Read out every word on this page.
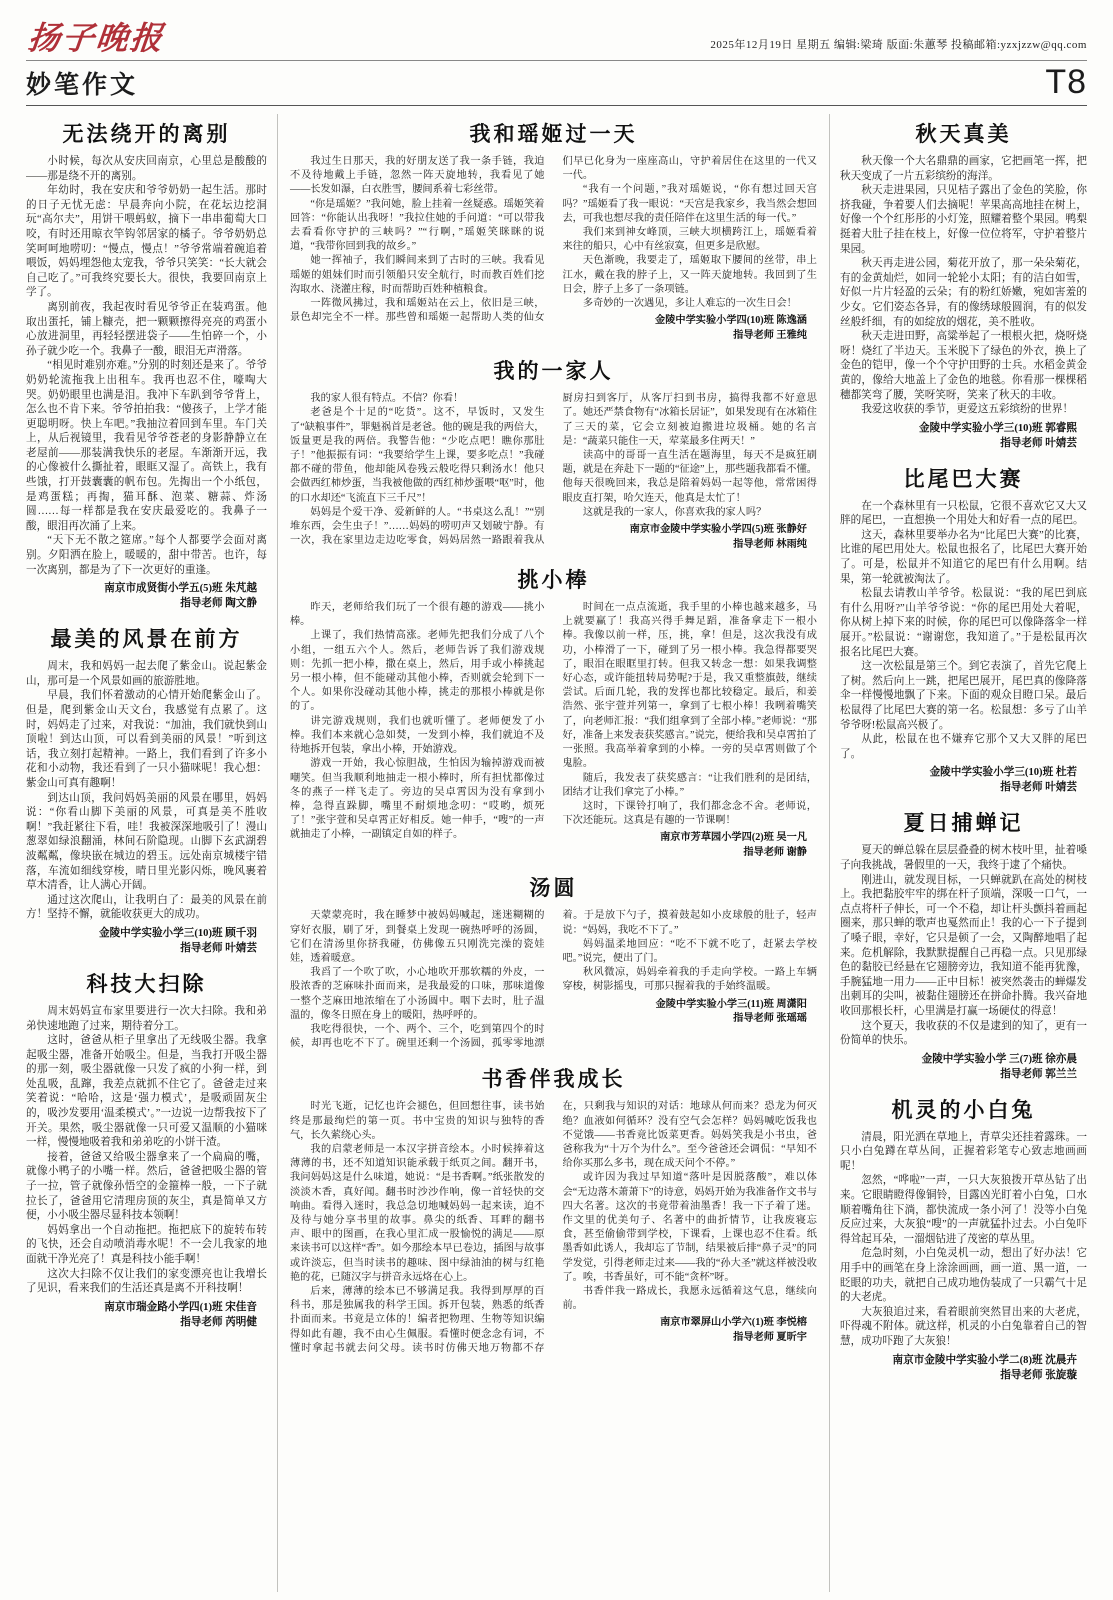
扬子晚报	2025年12月19日 星期五 编辑:梁琦 版面:朱蕙琴 投稿邮箱:yzxjzzw@qq.com
妙笔作文	T8
无法绕开的离别

小时候，每次从安庆回南京，心里总是酸酸的——那是绕不开的离别。

年幼时，我在安庆和爷爷奶奶一起生活。那时的日子无忧无虑：早晨奔向小院，在花坛边挖洞玩“高尔夫”，用饼干喂蚂蚁，摘下一串串葡萄大口咬，有时还用晾衣竿钩邻居家的橘子。爷爷奶奶总笑呵呵地唠叨：“慢点，慢点！”爷爷常端着碗追着喂饭，妈妈埋怨他太宠我，爷爷只笑笑：“长大就会自己吃了。”可我终究要长大。很快，我要回南京上学了。

离别前夜，我起夜时看见爷爷正在装鸡蛋。他取出蛋托，铺上糠壳，把一颗颗擦得亮亮的鸡蛋小心放进洞里，再轻轻摆进袋子——生怕碎一个，小孙子就少吃一个。我鼻子一酸，眼泪无声滑落。

“相见时难别亦难。”分别的时刻还是来了。爷爷奶奶轮流拖我上出租车。我再也忍不住，嚎啕大哭。奶奶眼里也满是泪。我冲下车趴到爷爷背上，怎么也不肯下来。爷爷拍拍我：“傻孩子，上学才能更聪明呀。快上车吧。”我抽泣着回到车里。车门关上，从后视镜里，我看见爷爷苍老的身影静静立在老屋前——那装满我快乐的老屋。车渐渐开远，我的心像被什么撕扯着，眼眶又湿了。高铁上，我有些饿，打开鼓囊囊的帆布包。先掏出一个小纸包，是鸡蛋糕；再掏，猫耳酥、泡菜、糖蒜、炸汤圆……每一样都是我在安庆最爱吃的。我鼻子一酸，眼泪再次涌了上来。

“天下无不散之筵席。”每个人都要学会面对离别。夕阳洒在脸上，暖暖的，甜中带苦。也许，每一次离别，都是为了下一次更好的重逢。

南京市成贤街小学五(5)班 朱芃越
指导老师 陶文静
最美的风景在前方

周末，我和妈妈一起去爬了紫金山。说起紫金山，那可是一个风景如画的旅游胜地。

早晨，我们怀着激动的心情开始爬紫金山了。但是，爬到紫金山天文台，我感觉有点累了。这时，妈妈走了过来，对我说：“加油，我们就快到山顶啦！到达山顶，可以看到美丽的风景！”听到这话，我立刻打起精神。一路上，我们看到了许多小花和小动物，我还看到了一只小猫咪呢！我心想：紫金山可真有趣啊！

到达山顶，我问妈妈美丽的风景在哪里，妈妈说：“你看山脚下美丽的风景，可真是美不胜收啊！”我赶紧往下看，哇！我被深深地吸引了！漫山葱翠如绿浪翻涌，林间石阶隐现。山脚下玄武湖碧波粼粼，像块嵌在城边的碧玉。远处南京城楼宇错落，车流如细线穿梭，晴日里光影闪烁，晚风裹着草木清香，让人满心开阔。

通过这次爬山，让我明白了：最美的风景在前方！坚持不懈，就能收获更大的成功。

金陵中学实验小学三(10)班 顾千羽
指导老师 叶婧芸
科技大扫除

周末妈妈宣布家里要进行一次大扫除。我和弟弟快速地跑了过来，期待着分工。

这时，爸爸从柜子里拿出了无线吸尘器。我拿起吸尘器，准备开始吸尘。但是，当我打开吸尘器的那一刻，吸尘器就像一只发了疯的小狗一样，到处乱吸，乱蹿，我差点就抓不住它了。爸爸走过来笑着说：“哈哈，这是‘强力模式’，是吸顽固灰尘的，吸沙发要用‘温柔模式’。”一边说一边帮我按下了开关。果然，吸尘器就像一只可爱又温顺的小猫咪一样，慢慢地吸着我和弟弟吃的小饼干渣。

接着，爸爸又给吸尘器拿来了一个扁扁的嘴，就像小鸭子的小嘴一样。然后，爸爸把吸尘器的管子一拉，管子就像孙悟空的金箍棒一般，一下子就拉长了，爸爸用它清理房顶的灰尘，真是简单又方便，小小吸尘器尽显科技本领啊！

妈妈拿出一个自动拖把。拖把底下的旋转布转的飞快，还会自动喷消毒水呢！不一会儿我家的地面就干净光亮了！真是科技小能手啊！

这次大扫除不仅让我们的家变漂亮也让我增长了见识，看来我们的生活还真是离不开科技啊！

南京市瑞金路小学四(1)班 宋佳音
指导老师 芮明健
我和瑶姬过一天

我过生日那天，我的好朋友送了我一条手链，我迫不及待地戴上手链，忽然一阵天旋地转，我看见了她——长发如瀑，白衣胜雪，腰间系着七彩丝带。

“你是瑶姬？”我问她，脸上挂着一丝疑惑。瑶姬笑着回答：“你能认出我呀！”我拉住她的手问道：“可以带我去看看你守护的三峡吗？”“行啊，”瑶姬笑眯眯的说道，“我带你回到我的故乡。”

她一挥袖子，我们瞬间来到了古时的三峡。我看见瑶姬的姐妹们时而引领船只安全航行，时而教百姓们挖沟取水、浇灌庄稼，时而帮助百姓种植粮食。

一阵微风拂过，我和瑶姬站在云上，依旧是三峡，景色却完全不一样。那些曾和瑶姬一起帮助人类的仙女们早已化身为一座座高山，守护着居住在这里的一代又一代。

“我有一个问题，”我对瑶姬说，“你有想过回天宫吗？”瑶姬看了我一眼说：“天宫是我家乡，我当然会想回去，可我也想尽我的责任陪伴在这里生活的每一代。”

我们来到神女峰顶，三峡大坝横跨江上，瑶姬看着来往的船只，心中有丝寂寞，但更多是欣慰。

天色渐晚，我要走了，瑶姬取下腰间的丝带，串上江水，戴在我的脖子上，又一阵天旋地转。我回到了生日会，脖子上多了一条项链。

多奇妙的一次遇见，多让人难忘的一次生日会！

金陵中学实验小学四(10)班 陈逸涵
指导老师 王雅纯
我的一家人

我的家人很有特点。不信？你看！

老爸是个十足的“吃货”。这不，早饭时，又发生了“缺粮事件”，罪魁祸首是老爸。他的碗是我的两倍大，饭量更是我的两倍。我警告他：“少吃点吧！瞧你那肚子！”他振振有词：“我要给学生上课，要多吃点！”我碰都不碰的带鱼，他却能风卷残云般吃得只剩汤水！他只会做西红柿炒蛋，当我被他做的西红柿炒蛋喂“呕”时，他的口水却还“飞流直下三千尺”！

妈妈是个爱干净、爱新鲜的人。“书桌这么乱！”“别堆东西，会生虫子！”……妈妈的唠叨声又划破宁静。有一次，我在家里边走边吃零食，妈妈居然一路跟着我从厨房扫到客厅，从客厅扫到书房，搞得我都不好意思了。她还严禁食物有“冰箱长居证”，如果发现有在冰箱住了三天的菜，它会立刻被迫搬进垃圾桶。她的名言是：“蔬菜只能住一天，荤菜最多住两天！”

读高中的哥哥一直生活在题海里，每天不是疯狂刷题，就是在奔赴下一题的“征途”上，那些题我都看不懂。他每天很晚回来，我总是陪着妈妈一起等他，常常困得眼皮直打架，哈欠连天，他真是太忙了！

这就是我的一家人，你喜欢我的家人吗？

南京市金陵中学实验小学四(5)班 张静好
指导老师 林雨纯
挑小棒

昨天，老师给我们玩了一个很有趣的游戏——挑小棒。

上课了，我们热情高涨。老师先把我们分成了八个小组，一组五六个人。然后，老师告诉了我们游戏规则：先抓一把小棒，撒在桌上，然后，用手或小棒挑起另一根小棒，但不能碰动其他小棒，否则就会轮到下一个人。如果你没碰动其他小棒，挑走的那根小棒就是你的了。

讲完游戏规则，我们也就听懂了。老师便发了小棒。我们本来就心急如焚，一发到小棒，我们就迫不及待地拆开包装，拿出小棒，开始游戏。

游戏一开始，我心惊胆战，生怕因为输掉游戏而被嘲笑。但当我顺利地抽走一根小棒时，所有担忧都像过冬的燕子一样飞走了。旁边的吴卓霄因为没有拿到小棒，急得直跺脚，嘴里不耐烦地念叨：“哎哟，烦死了！”张宇萱和吴卓霄正好相反。她一伸手，“嗖”的一声就抽走了小棒，一副镇定自如的样子。

时间在一点点流逝，我手里的小棒也越来越多，马上就要赢了！我高兴得手舞足蹈，准备拿走下一根小棒。我像以前一样，压，挑，拿！但是，这次我没有成功，小棒滑了一下，碰到了另一根小棒。我急得都要哭了，眼泪在眼眶里打转。但我又转念一想：如果我调整好心态，或许能扭转局势呢?于是，我又重整旗鼓，继续尝试。后面几轮，我的发挥也都比较稳定。最后，和姜浩然、张宇萱并列第一，拿到了七根小棒！我咧着嘴笑了，向老师汇报：“我们组拿到了全部小棒。”老师说：“那好，准备上来发表获奖感言。”说完，便给我和吴卓霄拍了一张照。我高举着拿到的小棒。一旁的吴卓霄则做了个鬼脸。

随后，我发表了获奖感言：“让我们胜利的是团结，团结才让我们拿完了小棒。”

这时，下课铃打响了，我们都念念不舍。老师说，下次还能玩。这真是有趣的一节课啊！

南京市芳草园小学四(2)班 吴一凡
指导老师 谢静
汤圆

天蒙蒙亮时，我在睡梦中被妈妈喊起，迷迷糊糊的穿好衣服，刷了牙，到餐桌上发现一碗热呼呼的汤圆，它们在清汤里你挤我碰，仿佛像五只刚洗完澡的瓷娃娃，透着暖意。

我舀了一个吹了吹，小心地吹开那软糯的外皮，一股浓香的芝麻味扑面而来，是我最爱的口味，那味道像一整个芝麻田地浓缩在了小汤圆中。咽下去时，肚子温温的，像冬日照在身上的暖阳，热呼呼的。

我吃得很快，一个、两个、三个，吃到第四个的时候，却再也吃不下了。碗里还剩一个汤圆，孤零零地漂着。于是放下勺子，摸着鼓起如小皮球般的肚子，轻声说：“妈妈，我吃不下了。”

妈妈温柔地回应：“吃不下就不吃了，赶紧去学校吧。”说完，便出了门。

秋风微凉，妈妈牵着我的手走向学校。一路上车辆穿梭，树影摇曳，可那只握着我的手始终温暖。

金陵中学实验小学三(11)班 周潇阳
指导老师 张瑶瑶
书香伴我成长

时光飞逝，记忆也许会褪色，但回想往事，读书始终是那最绚烂的第一页。书中宝贵的知识与独特的香气，长久萦绕心头。

我的启蒙老师是一本汉字拼音绘本。小时候捧着这薄薄的书，还不知道知识能承载于纸页之间。翻开书，我问妈妈这是什么味道，她说：“是书香啊。”纸张散发的淡淡木香，真好闻。翻书时沙沙作响，像一首轻快的交响曲。看得入迷时，我总急切地喊妈妈一起来读，迫不及待与她分享书里的故事。鼻尖的纸香、耳畔的翻书声、眼中的图画，在我心里汇成一股愉悦的满足——原来读书可以这样“香”。如今那绘本早已卷边，插图与故事或许淡忘，但当时读书的趣味、图中绿油油的树与红艳艳的花，已随汉字与拼音永远烙在心上。

后来，薄薄的绘本已不够满足我。我得到厚厚的百科书，那是独属我的科学王国。拆开包装，熟悉的纸香扑面而来。书竟是立体的！编者把物理、生物等知识编得如此有趣，我不由心生佩服。看懂时便念念有词，不懂时拿起书就去问父母。读书时仿佛天地万物都不存在，只剩我与知识的对话：地球从何而来？恐龙为何灭绝？血液如何循环？没有空气会怎样？妈妈喊吃饭我也不觉饿——书香竟比饭菜更香。妈妈笑我是小书虫，爸爸称我为“十万个为什么”。至今爸爸还会调侃：“早知不给你买那么多书，现在成天问个不停。”

或许因为我过早知道“落叶是因脱落酸”，难以体会“无边落木萧萧下”的诗意，妈妈开始为我准备作文书与四大名著。这次的书竟带着油墨香！我一下子着了迷。作文里的优美句子、名著中的曲折情节，让我废寝忘食，甚至偷偷带到学校，下课看，上课也忍不住看。纸墨香如此诱人，我却忘了节制，结果被后排“鼻子灵”的同学发觉，引得老师走过来——我的“孙大圣”就这样被没收了。唉，书香虽好，可不能“贪杯”呀。

书香伴我一路成长，我愿永远循着这气息，继续向前。

南京市翠屏山小学六(1)班 李悦榕
指导老师 夏昕宇
秋天真美

秋天像一个大名鼎鼎的画家，它把画笔一挥，把秋天变成了一片五彩缤纷的海洋。

秋天走进果园，只见桔子露出了金色的笑脸，你挤我碰，争着要人们去摘呢！苹果高高地挂在树上，好像一个个红彤彤的小灯笼，照耀着整个果园。鸭梨挺着大肚子挂在枝上，好像一位位将军，守护着整片果园。

秋天再走进公园，菊花开放了，那一朵朵菊花，有的金黄灿烂，如同一轮轮小太阳；有的洁白如雪，好似一片片轻盈的云朵；有的粉红娇嫩，宛如害羞的少女。它们姿态各异，有的像绣球般圆润，有的似发丝般纤细，有的如绽放的烟花，美不胜收。

秋天走进田野，高粱举起了一根根火把，烧呀烧呀！烧红了半边天。玉米脱下了绿色的外衣，换上了金色的铠甲，像一个个守护田野的士兵。水稻金黄金黄的，像给大地盖上了金色的地毯。你看那一棵棵稻穗都笑弯了腰，笑呀笑呀，笑来了秋天的丰收。

我爱这收获的季节，更爱这五彩缤纷的世界！

金陵中学实验小学三(10)班 郭睿熙
指导老师 叶婧芸
比尾巴大赛

在一个森林里有一只松鼠，它很不喜欢它又大又胖的尾巴，一直想换一个用处大和好看一点的尾巴。

这天，森林里要举办名为“比尾巴大赛”的比赛，比谁的尾巴用处大。松鼠也报名了，比尾巴大赛开始了。可是，松鼠并不知道它的尾巴有什么用啊。结果，第一轮就被淘汰了。

松鼠去请教山羊爷爷。松鼠说：“我的尾巴到底有什么用呀?”山羊爷爷说：“你的尾巴用处大着呢，你从树上掉下来的时候，你的尾巴可以像降落伞一样展开。”松鼠说：“谢谢您，我知道了。”于是松鼠再次报名比尾巴大赛。

这一次松鼠是第三个。到它表演了，首先它爬上了树。然后向上一跳，把尾巴展开，尾巴真的像降落伞一样慢慢地飘了下来。下面的观众目瞪口呆。最后松鼠得了比尾巴大赛的第一名。松鼠想：多亏了山羊爷爷呀!松鼠高兴极了。

从此，松鼠在也不嫌弃它那个又大又胖的尾巴了。

金陵中学实验小学三(10)班 杜若
指导老师 叶婧芸
夏日捕蝉记

夏天的蝉总躲在层层叠叠的树木枝叶里，扯着嗓子向我挑战，暑假里的一天，我终于逮了个痛快。

刚进山，就发现目标，一只蝉就趴在高处的树枝上。我把黏胶牢牢的绑在杆子顶端，深吸一口气，一点点将杆子伸长，可一个不稳，却让杆头颤抖着画起圈来，那只蝉的歌声也戛然而止！我的心一下子提到了嗓子眼，幸好，它只是顿了一会，又陶醉地唱了起来。危机解除，我默默提醒自己再稳一点。只见那绿色的黏胶已经悬在它翅膀旁边，我知道不能再犹豫，手腕猛地一用力——正中目标！被突然袭击的蝉爆发出刺耳的尖叫，被黏住翅膀还在拼命扑腾。我兴奋地收回那根长杆，心里满是打赢一场硬仗的得意！

这个夏天，我收获的不仅是逮到的知了，更有一份简单的快乐。

金陵中学实验小学 三(7)班 徐亦晨
指导老师 郭兰兰
机灵的小白兔

清晨，阳光洒在草地上，青草尖还挂着露珠。一只小白兔蹲在草丛间，正握着彩笔专心致志地画画呢！

忽然，“哗啦”一声，一只大灰狼拨开草丛钻了出来。它眼睛瞪得像铜铃，目露凶光盯着小白兔，口水顺着嘴角往下淌，都快流成一条小河了！没等小白兔反应过来，大灰狼“嗖”的一声就猛扑过去。小白兔吓得耸起耳朵，一溜烟钻进了茂密的草丛里。

危急时刻，小白兔灵机一动，想出了好办法！它用手中的画笔在身上涂涂画画，画一道、黑一道，一眨眼的功夫，就把自己成功地伪装成了一只霸气十足的大老虎。

大灰狼追过来，看着眼前突然冒出来的大老虎，吓得魂不附体。就这样，机灵的小白兔靠着自己的智慧，成功吓跑了大灰狼！

南京市金陵中学实验小学二(8)班 沈晨卉
指导老师 张旋璇
